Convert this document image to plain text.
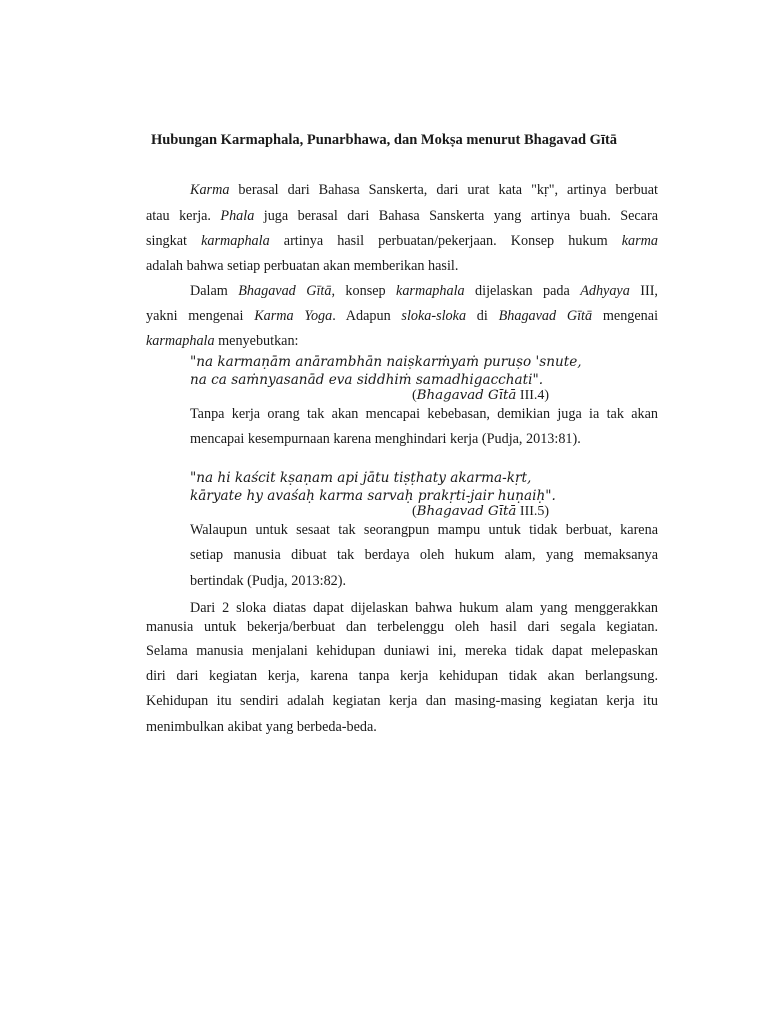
Hubungan Karmaphala, Punarbhawa, dan Mokṣa menurut Bhagavad Gītā
Karma berasal dari Bahasa Sanskerta, dari urat kata "kṛ", artinya berbuat
atau kerja. Phala juga berasal dari Bahasa Sanskerta yang artinya buah. Secara
singkat karmaphala artinya hasil perbuatan/pekerjaan. Konsep hukum karma
adalah bahwa setiap perbuatan akan memberikan hasil.
Dalam Bhagavad Gītā, konsep karmaphala dijelaskan pada Adhyaya III,
yakni mengenai Karma Yoga. Adapun sloka-sloka di Bhagavad Gītā mengenai
karmaphala menyebutkan:
"na karmaṇām anārambhān naiṣkarṁyaṁ puruṣo 'snute,
na ca saṁnyasanād eva siddhiṁ samadhigacchati".
(Bhagavad Gītā III.4)
Tanpa kerja orang tak akan mencapai kebebasan, demikian juga ia tak akan
mencapai kesempurnaan karena menghindari kerja (Pudja, 2013:81).
"na hi kaścit kṣaṇam api jātu tiṣṭhaty akarma-kṛt,
kāryate hy avaśaḥ karma sarvaḥ prakṛti-jair huṇaiḥ".
(Bhagavad Gītā III.5)
Walaupun untuk sesaat tak seorangpun mampu untuk tidak berbuat, karena
setiap manusia dibuat tak berdaya oleh hukum alam, yang memaksanya
bertindak (Pudja, 2013:82).
Dari 2 sloka diatas dapat dijelaskan bahwa hukum alam yang menggerakkan
manusia untuk bekerja/berbuat dan terbelenggu oleh hasil dari segala kegiatan.
Selama manusia menjalani kehidupan duniawi ini, mereka tidak dapat melepaskan
diri dari kegiatan kerja, karena tanpa kerja kehidupan tidak akan berlangsung.
Kehidupan itu sendiri adalah kegiatan kerja dan masing-masing kegiatan kerja itu
menimbulkan akibat yang berbeda-beda.
